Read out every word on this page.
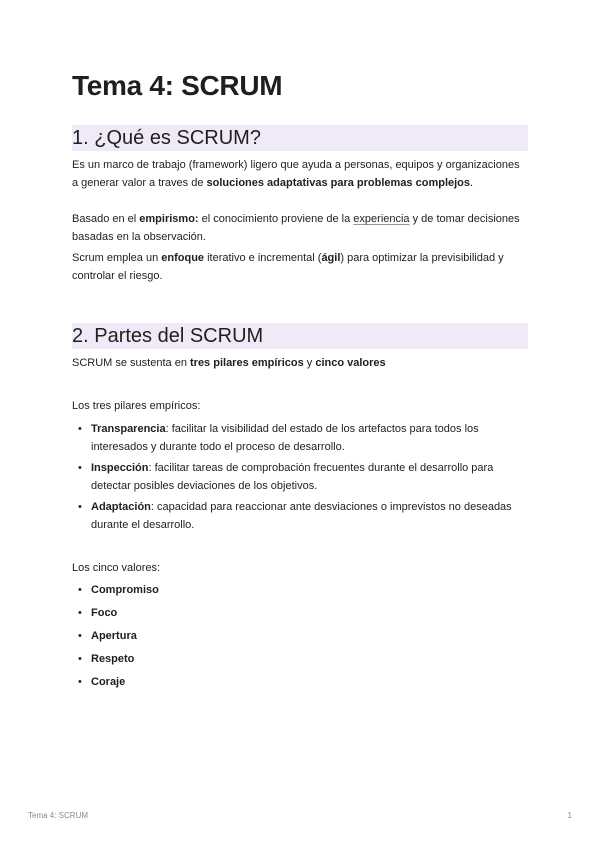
Tema 4: SCRUM
1. ¿Qué es SCRUM?

Es un marco de trabajo (framework) ligero que ayuda a personas, equipos y organizaciones a generar valor a traves de soluciones adaptativas para problemas complejos.

Basado en el empirismo: el conocimiento proviene de la experiencia y de tomar decisiones basadas en la observación.

Scrum emplea un enfoque iterativo e incremental (ágil) para optimizar la previsibilidad y controlar el riesgo.

2. Partes del SCRUM

SCRUM se sustenta en tres pilares empíricos y cinco valores

Los tres pilares empíricos:

• Transparencia: facilitar la visibilidad del estado de los artefactos para todos los interesados y durante todo el proceso de desarrollo.
• Inspección: facilitar tareas de comprobación frecuentes durante el desarrollo para detectar posibles deviaciones de los objetivos.
• Adaptación: capacidad para reaccionar ante desviaciones o imprevistos no deseadas durante el desarrollo.

Los cinco valores:

• Compromiso
• Foco
• Apertura
• Respeto
• Coraje
Tema 4: SCRUM	1
